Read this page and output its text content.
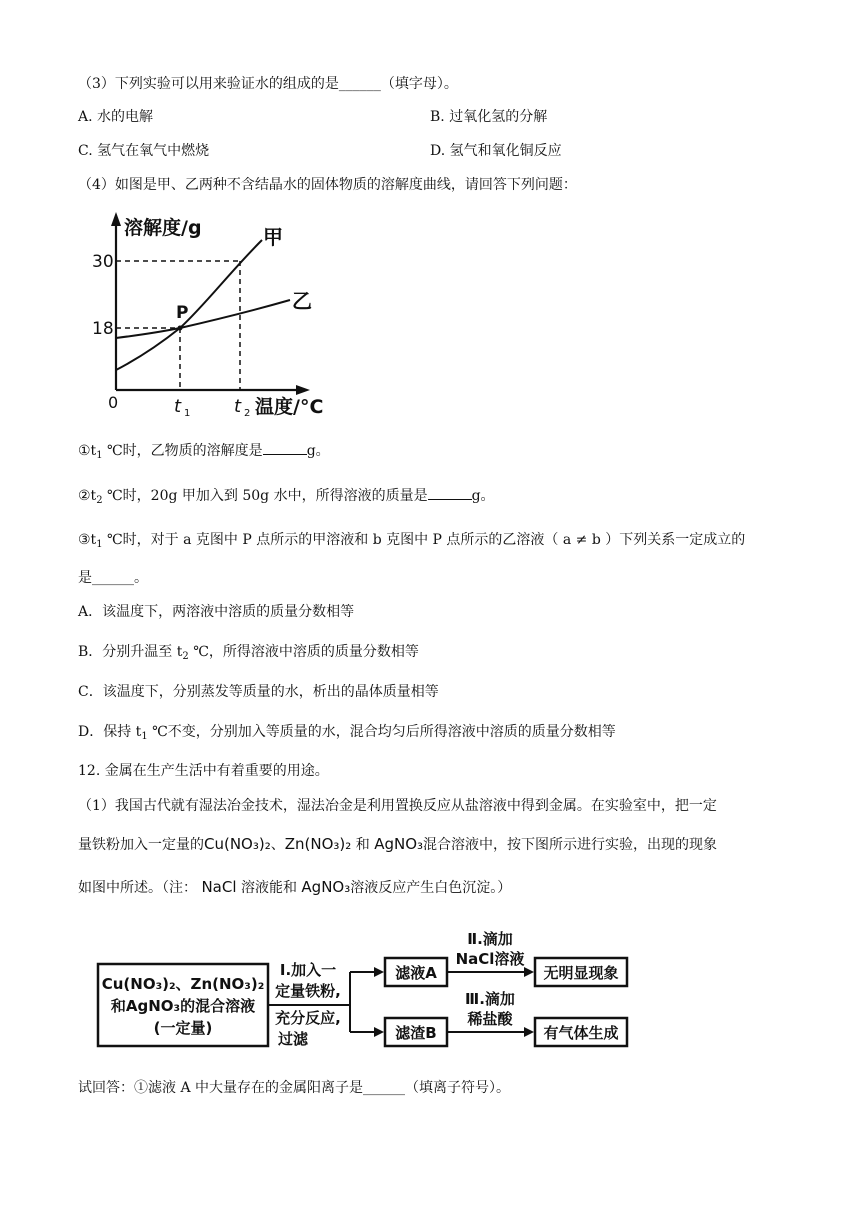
（3）下列实验可以用来验证水的组成的是______（填字母）。
A. 水的电解	B. 过氧化氢的分解
C. 氢气在氧气中燃烧	D. 氢气和氧化铜反应
（4）如图是甲、乙两种不含结晶水的固体物质的溶解度曲线，请回答下列问题：
溶解度/g
温度/°C
0
30
18
t 1 t 2
P
甲
乙
$①t_1$ ℃时，乙物质的溶解度是	g。
$②t_2$ ℃时，20g 甲加入到 50g 水中，所得溶液的质量是	g。
$③t_1$ ℃时，对于 a 克图中 P 点所示的甲溶液和 b 克图中 P 点所示的乙溶液（ a ≠ b ）下列关系一定成立的
是______。
A．该温度下，两溶液中溶质的质量分数相等
B．分别升温至 $t_2$ ℃，所得溶液中溶质的质量分数相等
C．该温度下，分别蒸发等质量的水，析出的晶体质量相等
D．保持 $t_1$ ℃不变，分别加入等质量的水，混合均匀后所得溶液中溶质的质量分数相等
12. 金属在生产生活中有着重要的用途。
（1）我国古代就有湿法冶金技术，湿法冶金是利用置换反应从盐溶液中得到金属。在实验室中，把一定
量铁粉加入一定量的Cu(NO₃)₂、Zn(NO₃)₂ 和 AgNO₃混合溶液中，按下图所示进行实验，出现的现象
如图中所述。（注： NaCl 溶液能和 AgNO₃溶液反应产生白色沉淀。）
Cu(NO₃)₂、Zn(NO₃)₂
和AgNO₃的混合溶液
(一定量)
Ⅰ.加入一
定量铁粉,
充分反应,
过滤
滤液A
滤渣B
Ⅱ.滴加
NaCl溶液
Ⅲ.滴加
稀盐酸
无明显现象
有气体生成
试回答：①滤液 A 中大量存在的金属阳离子是______（填离子符号）。
